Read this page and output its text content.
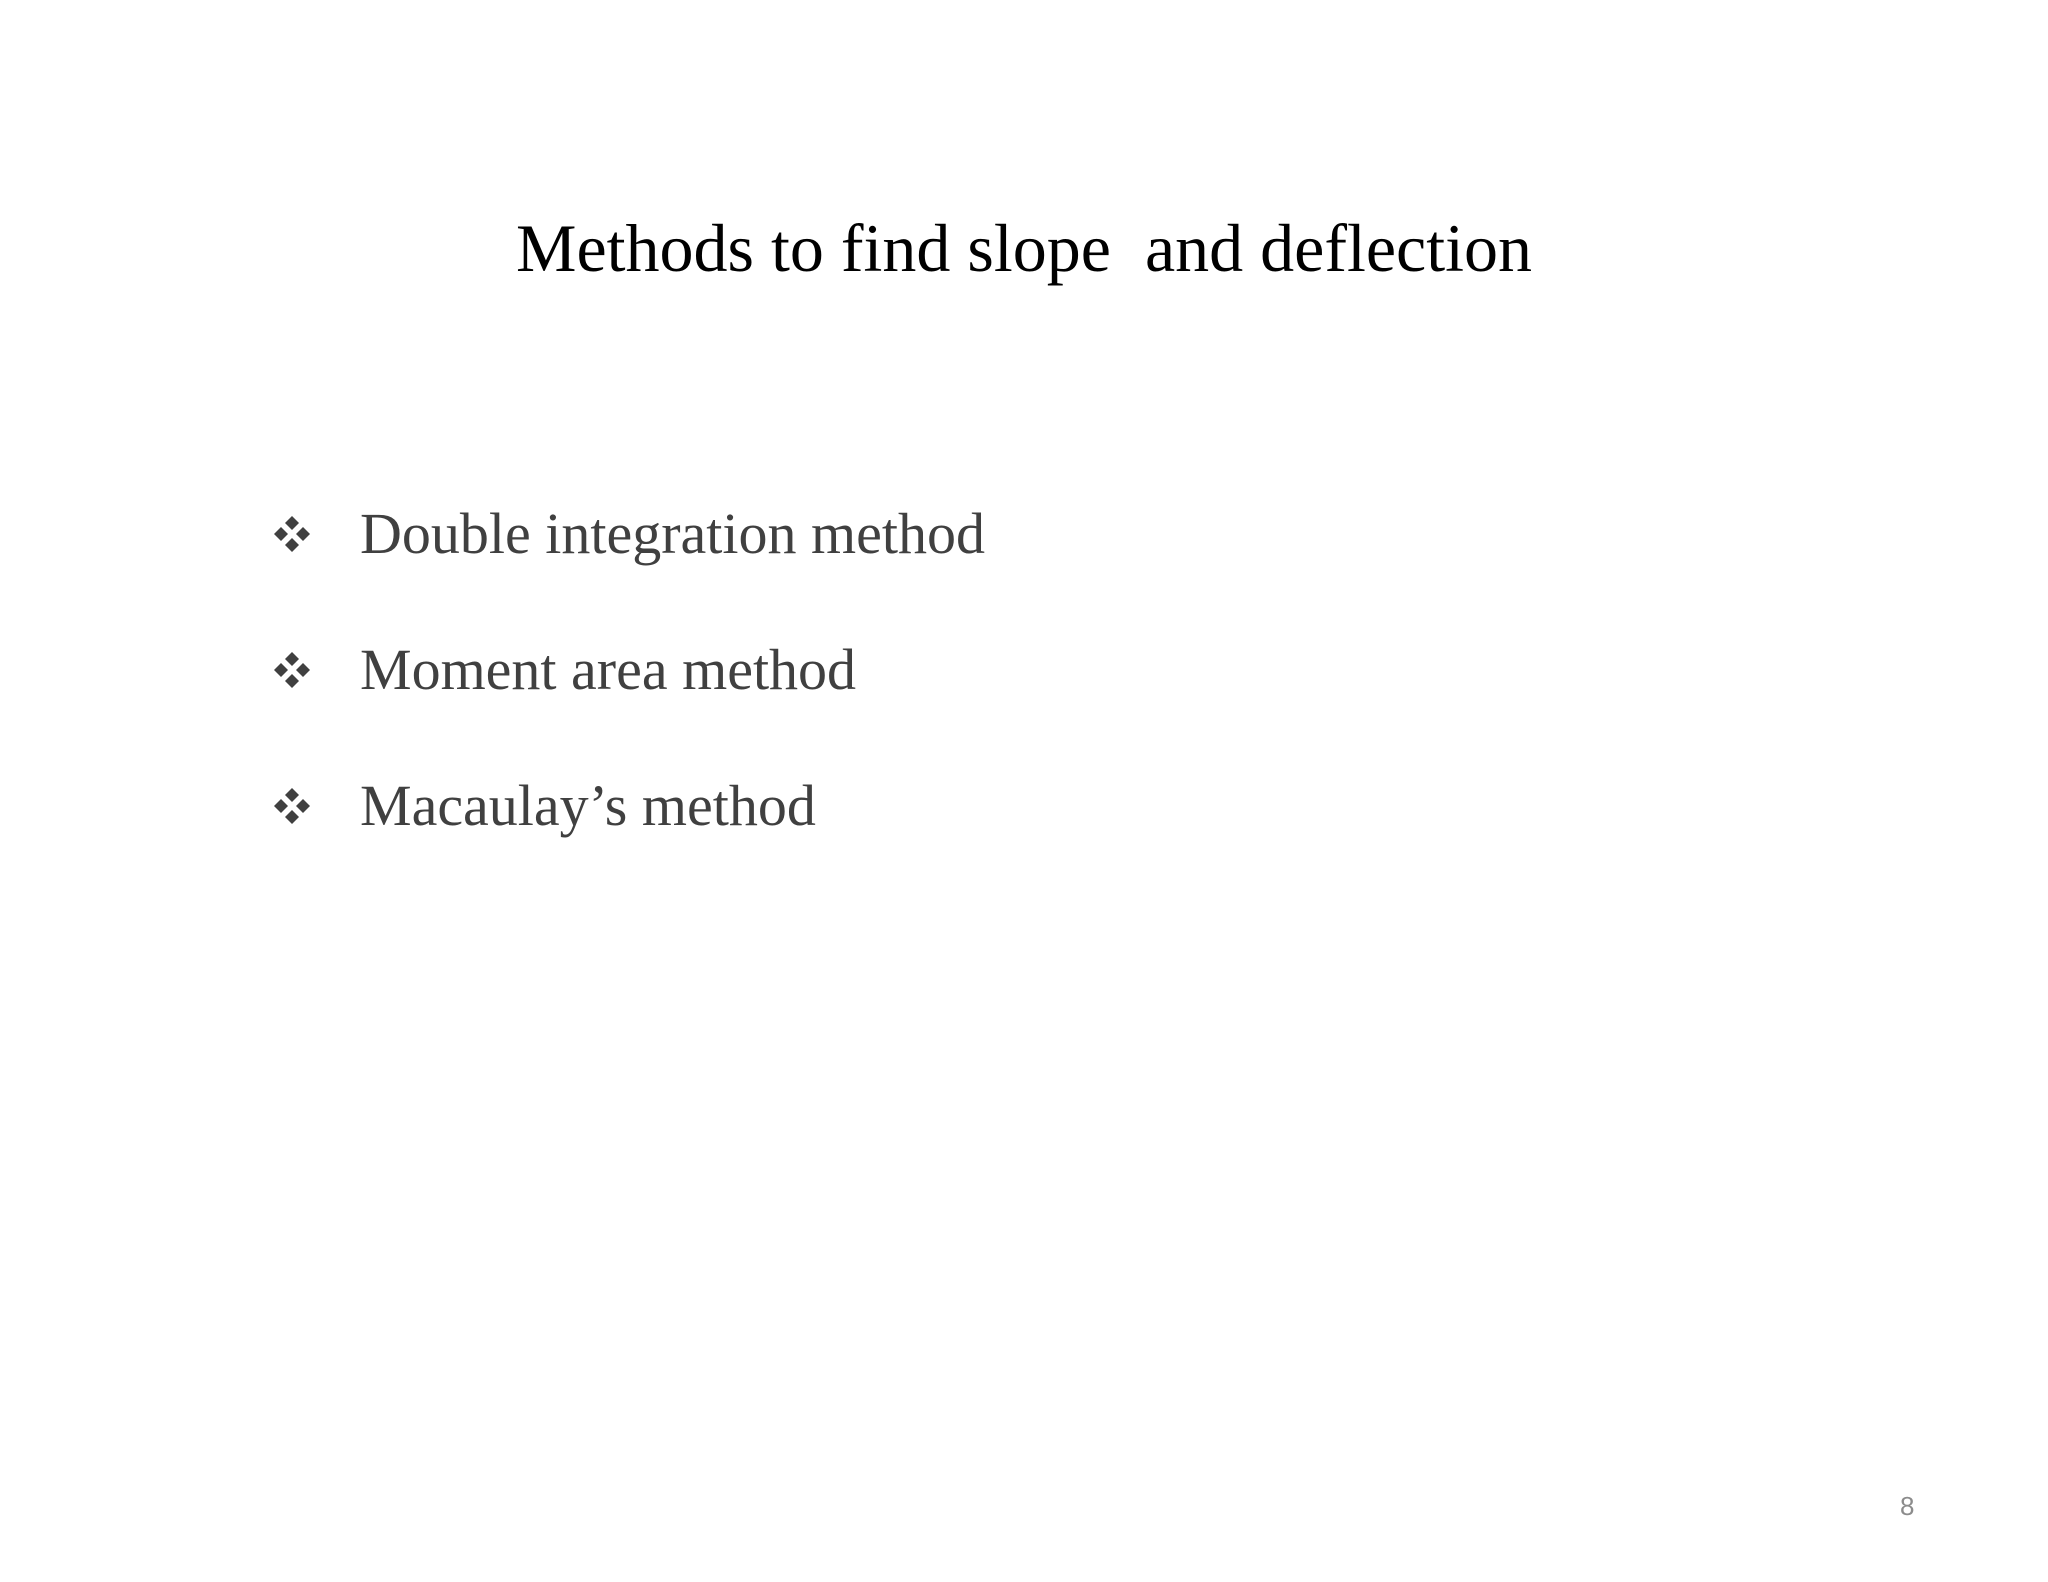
Methods to find slope  and deflection
Double integration method
Moment area method
Macaulay’s method
8
